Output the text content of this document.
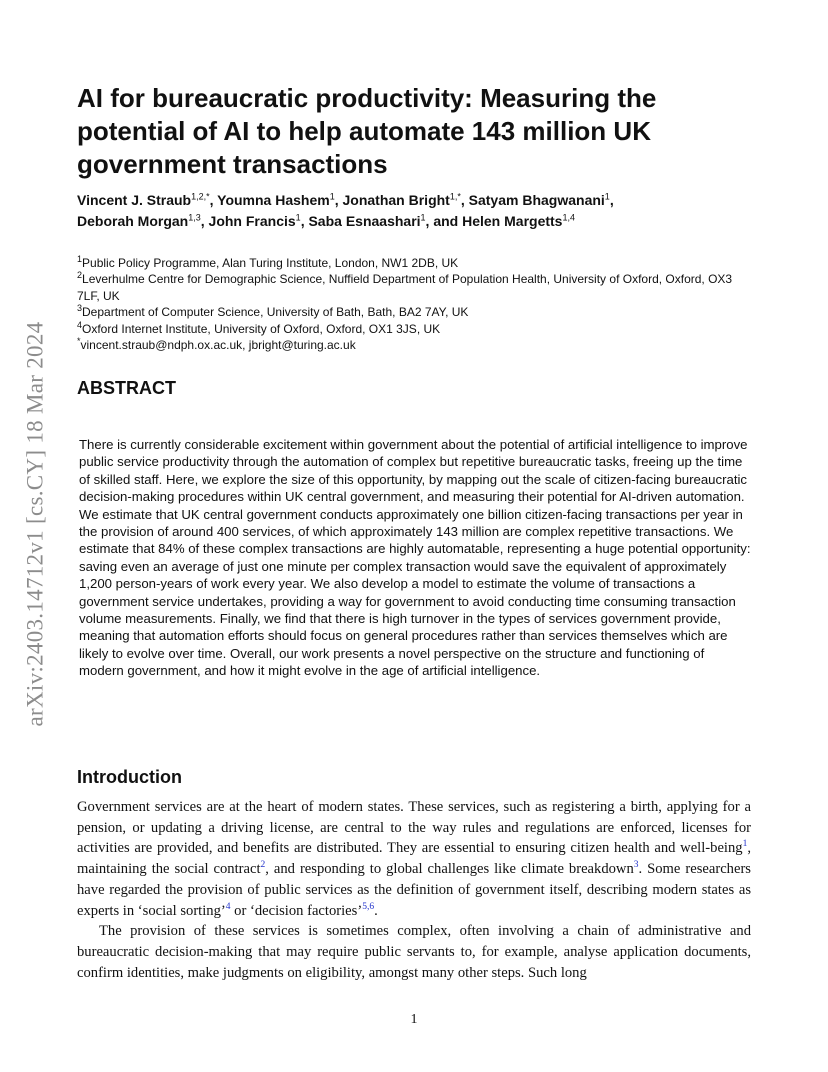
arXiv:2403.14712v1 [cs.CY] 18 Mar 2024
AI for bureaucratic productivity: Measuring the potential of AI to help automate 143 million UK government transactions
Vincent J. Straub$^{1,2,*}$, Youmna Hashem$^1$, Jonathan Bright$^{1,*}$, Satyam Bhagwanani$^1$,
Deborah Morgan$^{1,3}$, John Francis$^1$, Saba Esnaashari$^1$, and Helen Margetts$^{1,4}$
$^1$Public Policy Programme, Alan Turing Institute, London, NW1 2DB, UK
$^2$Leverhulme Centre for Demographic Science, Nuffield Department of Population Health, University of Oxford, Oxford, OX3 7LF, UK
$^3$Department of Computer Science, University of Bath, Bath, BA2 7AY, UK
$^4$Oxford Internet Institute, University of Oxford, Oxford, OX1 3JS, UK
*vincent.straub@ndph.ox.ac.uk, jbright@turing.ac.uk
ABSTRACT

There is currently considerable excitement within government about the potential of artificial intelligence to improve public service productivity through the automation of complex but repetitive bureaucratic tasks, freeing up the time of skilled staff. Here, we explore the size of this opportunity, by mapping out the scale of citizen-facing bureaucratic decision-making procedures within UK central government, and measuring their potential for AI-driven automation. We estimate that UK central government conducts approximately one billion citizen-facing transactions per year in the provision of around 400 services, of which approximately 143 million are complex repetitive transactions. We estimate that 84% of these complex transactions are highly automatable, representing a huge potential opportunity: saving even an average of just one minute per complex transaction would save the equivalent of approximately 1,200 person-years of work every year. We also develop a model to estimate the volume of transactions a government service undertakes, providing a way for government to avoid conducting time consuming transaction volume measurements. Finally, we find that there is high turnover in the types of services government provide, meaning that automation efforts should focus on general procedures rather than services themselves which are likely to evolve over time. Overall, our work presents a novel perspective on the structure and functioning of modern government, and how it might evolve in the age of artificial intelligence.

Introduction

Government services are at the heart of modern states. These services, such as registering a birth, applying for a pension, or updating a driving license, are central to the way rules and regulations are enforced, licenses for activities are provided, and benefits are distributed. They are essential to ensuring citizen health and well-being$^1$, maintaining the social contract$^2$, and responding to global challenges like climate breakdown$^3$. Some researchers have regarded the provision of public services as the definition of government itself, describing modern states as experts in ‘social sorting’$^4$ or ‘decision factories’$^{5,6}$.

The provision of these services is sometimes complex, often involving a chain of administrative and bureaucratic decision-making that may require public servants to, for example, analyse application documents, confirm identities, make judgments on eligibility, amongst many other steps. Such long

1
